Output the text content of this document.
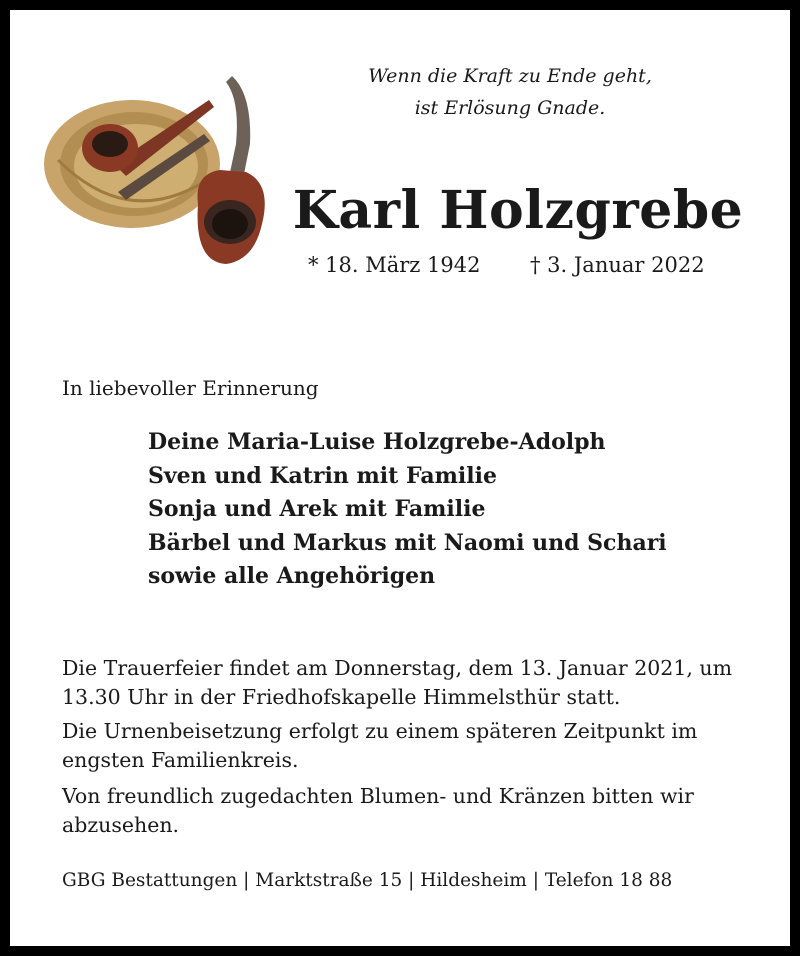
Wenn die Kraft zu Ende geht,
ist Erlösung Gnade.
Karl Holzgrebe
* 18. März 1942 † 3. Januar 2022
In liebevoller Erinnerung
Deine Maria-Luise Holzgrebe-Adolph
Sven und Katrin mit Familie
Sonja und Arek mit Familie
Bärbel und Markus mit Naomi und Schari
sowie alle Angehörigen
Die Trauerfeier findet am Donnerstag, dem 13. Januar 2021, um 13.30 Uhr in der Friedhofskapelle Himmelsthür statt.
Die Urnenbeisetzung erfolgt zu einem späteren Zeitpunkt im engsten Familienkreis.
Von freundlich zugedachten Blumen- und Kränzen bitten wir abzusehen.
GBG Bestattungen | Marktstraße 15 | Hildesheim | Telefon 18 88
